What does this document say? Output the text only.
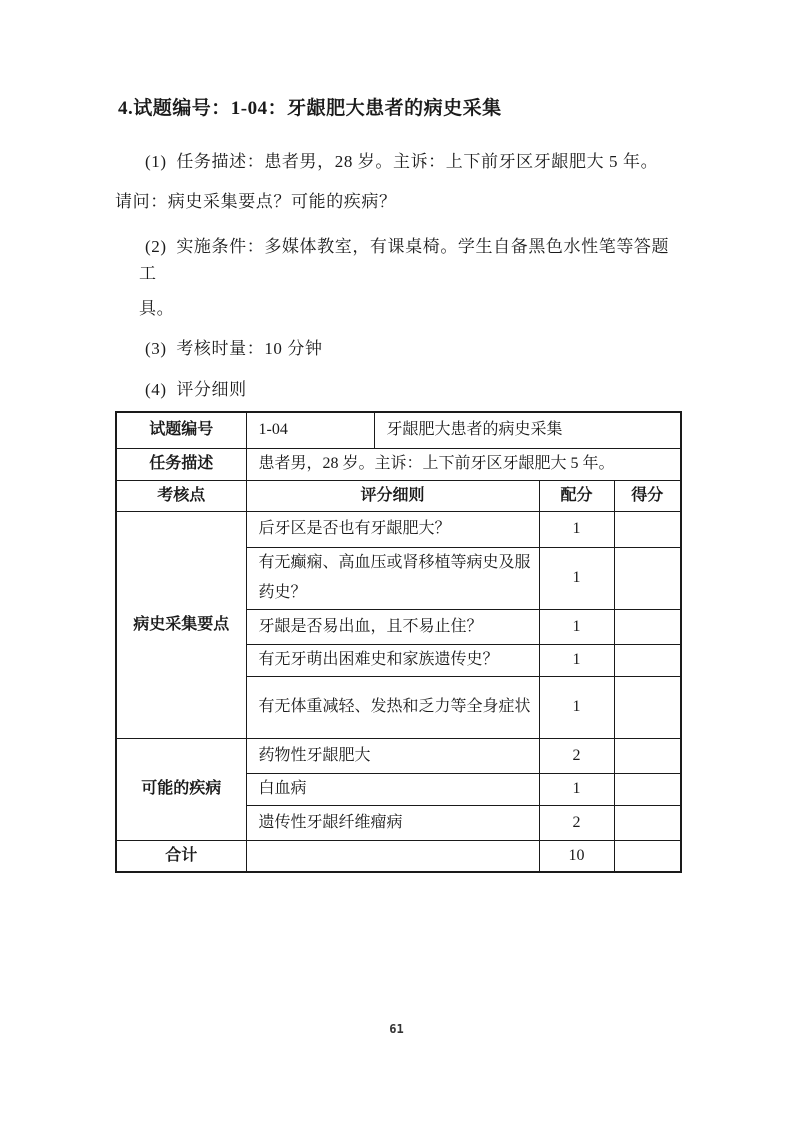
4.试题编号：1-04：牙龈肥大患者的病史采集
(1)  任务描述：患者男，28 岁。主诉：上下前牙区牙龈肥大 5 年。
请问：病史采集要点？可能的疾病？
(2)  实施条件：多媒体教室，有课桌椅。学生自备黑色水性笔等答题
工
具。
(3)  考核时量：10 分钟
(4)  评分细则
试题编号	1-04	牙龈肥大患者的病史采集		
任务描述	患者男，28 岁。主诉：上下前牙区牙龈肥大 5 年。			
考核点	评分细则		配分	得分
病史采集要点	后牙区是否也有牙龈肥大？		1	
	有无癫痫、高血压或肾移植等病史及服药史？		1	
	牙龈是否易出血，且不易止住？		1	
	有无牙萌出困难史和家族遗传史？		1	
	有无体重减轻、发热和乏力等全身症状		1	
可能的疾病	药物性牙龈肥大		2	
	白血病		1	
	遗传性牙龈纤维瘤病		2	
合计			10	
61
